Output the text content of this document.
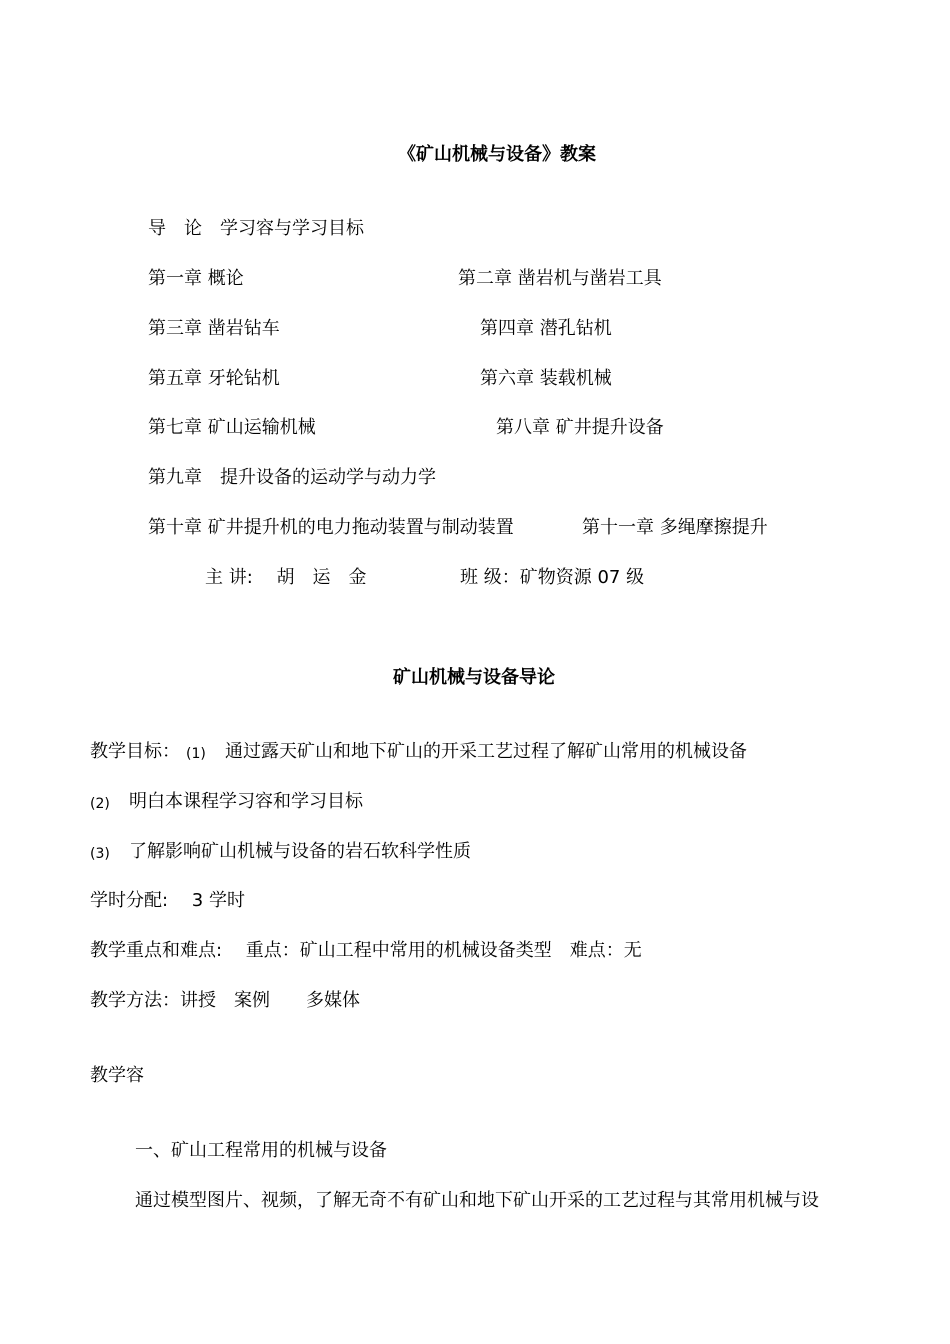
《矿山机械与设备》教案
导　论　学习容与学习目标
第一章 概论	第二章 凿岩机与凿岩工具
第三章 凿岩钻车	第四章 潜孔钻机
第五章 牙轮钻机	第六章 装载机械
第七章 矿山运输机械	第八章 矿井提升设备
第九章　提升设备的运动学与动力学
第十章 矿井提升机的电力拖动装置与制动装置	第十一章 多绳摩擦提升
主 讲:　 胡　运　金	班 级：矿物资源 07 级
矿山机械与设备导论
教学目标： (1) 通过露天矿山和地下矿山的开采工艺过程了解矿山常用的机械设备
(2) 明白本课程学习容和学习目标
(3) 了解影响矿山机械与设备的岩石软科学性质
学时分配:　 3 学时
教学重点和难点:　 重点：矿山工程中常用的机械设备类型　难点：无
教学方法：讲授　案例　　多媒体
教学容
一、矿山工程常用的机械与设备
通过模型图片、视频，了解无奇不有矿山和地下矿山开采的工艺过程与其常用机械与设
